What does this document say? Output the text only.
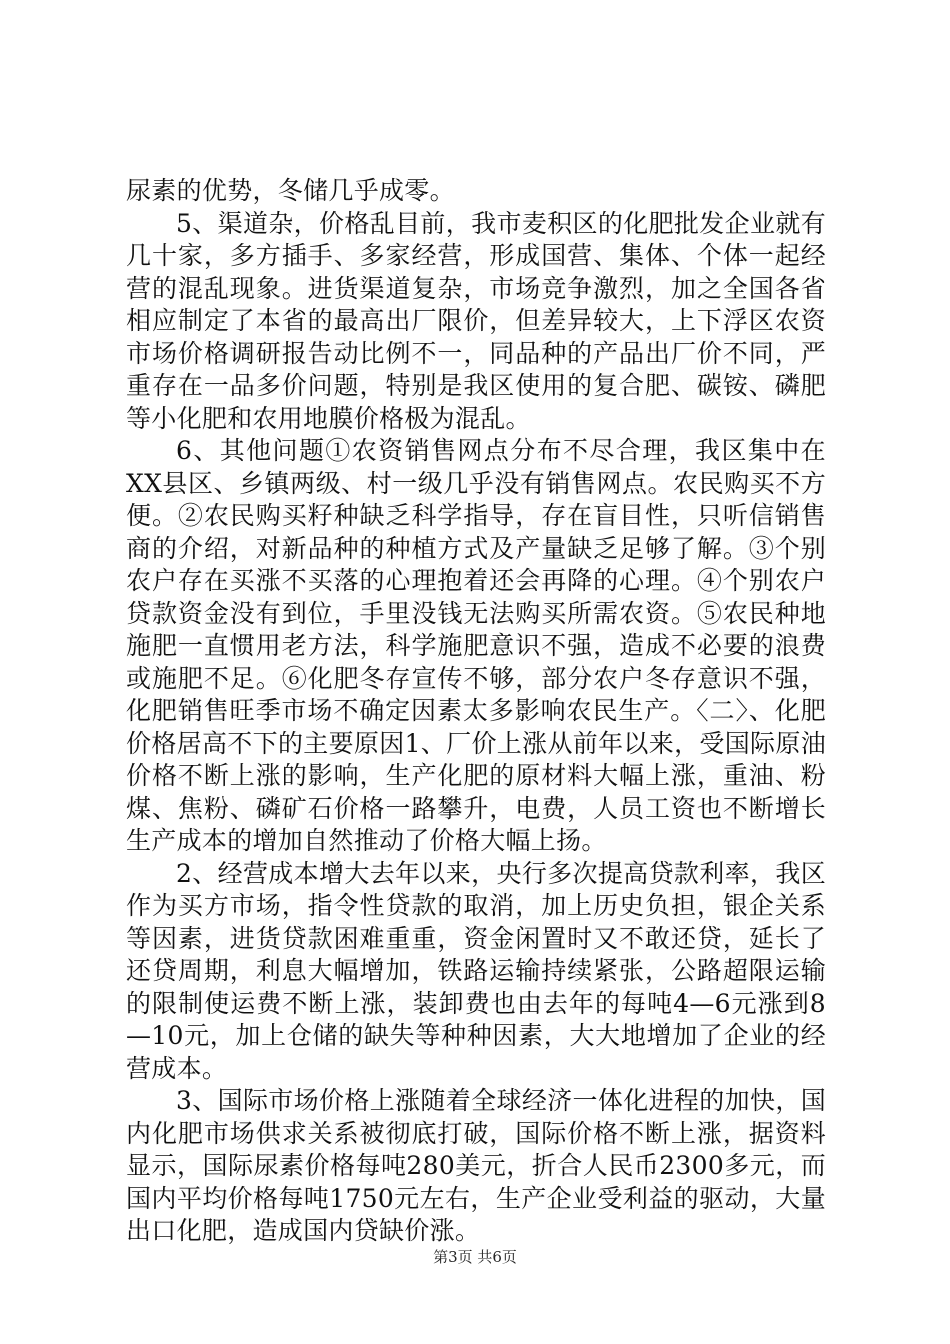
尿素的优势，冬储几乎成零。

5、渠道杂，价格乱目前，我市麦积区的化肥批发企业就有几十家，多方插手、多家经营，形成国营、集体、个体一起经营的混乱现象。进货渠道复杂，市场竞争激烈，加之全国各省相应制定了本省的最高出厂限价，但差异较大，上下浮区农资市场价格调研报告动比例不一，同品种的产品出厂价不同，严重存在一品多价问题，特别是我区使用的复合肥、碳铵、磷肥等小化肥和农用地膜价格极为混乱。

6、其他问题①农资销售网点分布不尽合理，我区集中在XX县区、乡镇两级、村一级几乎没有销售网点。农民购买不方便。②农民购买籽种缺乏科学指导，存在盲目性，只听信销售商的介绍，对新品种的种植方式及产量缺乏足够了解。③个别农户存在买涨不买落的心理抱着还会再降的心理。④个别农户贷款资金没有到位，手里没钱无法购买所需农资。⑤农民种地施肥一直惯用老方法，科学施肥意识不强，造成不必要的浪费或施肥不足。⑥化肥冬存宣传不够，部分农户冬存意识不强，化肥销售旺季市场不确定因素太多影响农民生产。〈二〉、化肥价格居高不下的主要原因1、厂价上涨从前年以来，受国际原油价格不断上涨的影响，生产化肥的原材料大幅上涨，重油、粉煤、焦粉、磷矿石价格一路攀升，电费，人员工资也不断增长生产成本的增加自然推动了价格大幅上扬。

2、经营成本增大去年以来，央行多次提高贷款利率，我区作为买方市场，指令性贷款的取消，加上历史负担，银企关系等因素，进货贷款困难重重，资金闲置时又不敢还贷，延长了还贷周期，利息大幅增加，铁路运输持续紧张，公路超限运输的限制使运费不断上涨，装卸费也由去年的每吨4—6元涨到8—10元，加上仓储的缺失等种种因素，大大地增加了企业的经营成本。

3、国际市场价格上涨随着全球经济一体化进程的加快，国内化肥市场供求关系被彻底打破，国际价格不断上涨，据资料显示，国际尿素价格每吨280美元，折合人民币2300多元，而国内平均价格每吨1750元左右，生产企业受利益的驱动，大量出口化肥，造成国内贷缺价涨。

第3页 共6页
